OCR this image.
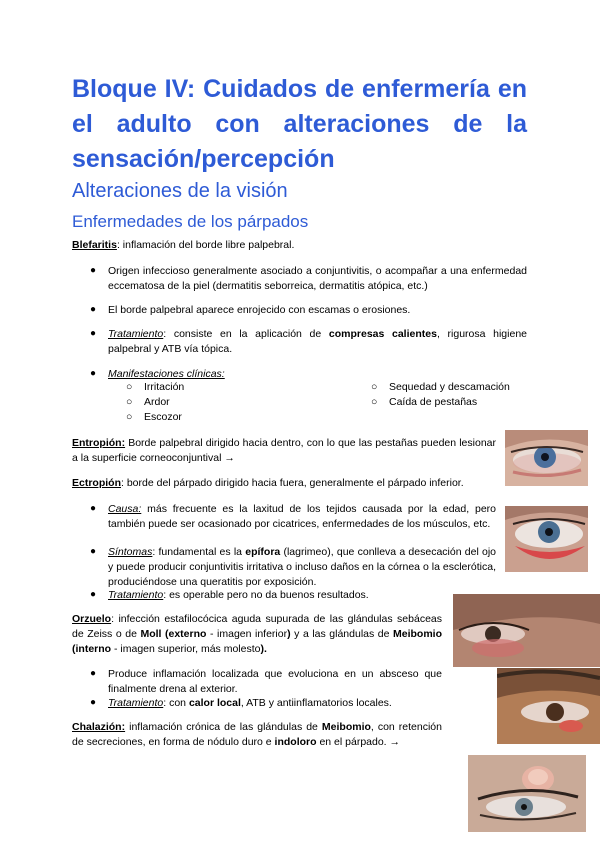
Bloque IV: Cuidados de enfermería en el adulto con alteraciones de la sensación/percepción
Alteraciones de la visión
Enfermedades de los párpados
Blefaritis: inflamación del borde libre palpebral.
● Origen infeccioso generalmente asociado a conjuntivitis, o acompañar a una enfermedad eccematosa de la piel (dermatitis seborreica, dermatitis atópica, etc.)
● El borde palpebral aparece enrojecido con escamas o erosiones.
● Tratamiento: consiste en la aplicación de compresas calientes, rigurosa higiene palpebral y ATB vía tópica.
● Manifestaciones clínicas:
○ Irritación
○ Ardor
○ Escozor
○ Sequedad y descamación
○ Caída de pestañas
Entropión: Borde palpebral dirigido hacia dentro, con lo que las pestañas pueden lesionar a la superficie corneoconjuntival →
Ectropión: borde del párpado dirigido hacia fuera, generalmente el párpado inferior.
● Causa: más frecuente es la laxitud de los tejidos causada por la edad, pero también puede ser ocasionado por cicatrices, enfermedades de los músculos, etc.
● Síntomas: fundamental es la epífora (lagrimeo), que conlleva a desecación del ojo y puede producir conjuntivitis irritativa o incluso daños en la córnea o la esclerótica, produciéndose una queratitis por exposición.
● Tratamiento: es operable pero no da buenos resultados.
Orzuelo: infección estafilocócica aguda supurada de las glándulas sebáceas de Zeiss o de Moll (externo - imagen inferior) y a las glándulas de Meibomio (interno - imagen superior, más molesto).
● Produce inflamación localizada que evoluciona en un absceso que finalmente drena al exterior.
● Tratamiento: con calor local, ATB y antiinflamatorios locales.
Chalazión: inflamación crónica de las glándulas de Meibomio, con retención de secreciones, en forma de nódulo duro e indoloro en el párpado. →
